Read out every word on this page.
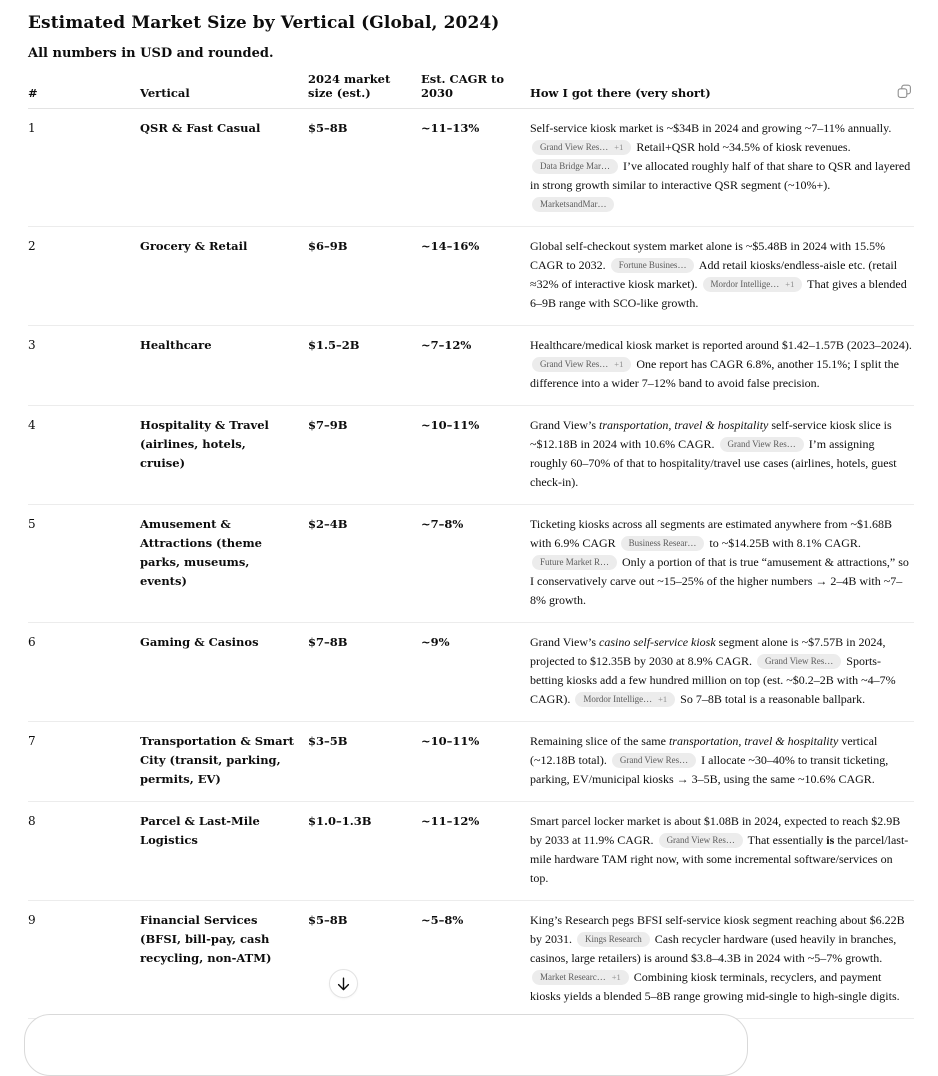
Estimated Market Size by Vertical (Global, 2024)

All numbers in USD and rounded.

#	Vertical	2024 market size (est.)	Est. CAGR to 2030	How I got there (very short)
1	QSR & Fast Casual	$5–8B	~11–13%	Self-service kiosk market is ~$34B in 2024 and growing ~7–11% annually. Grand View Res… +1 Retail+QSR hold ~34.5% of kiosk revenues. Data Bridge Mar… I’ve allocated roughly half of that share to QSR and layered in strong growth similar to interactive QSR segment (~10%+). MarketsandMar…
2	Grocery & Retail	$6–9B	~14–16%	Global self-checkout system market alone is ~$5.48B in 2024 with 15.5% CAGR to 2032. Fortune Busines… Add retail kiosks/endless-aisle etc. (retail ≈32% of interactive kiosk market). Mordor Intellige… +1 That gives a blended 6–9B range with SCO-like growth.
3	Healthcare	$1.5–2B	~7–12%	Healthcare/medical kiosk market is reported around $1.42–1.57B (2023–2024). Grand View Res… +1 One report has CAGR 6.8%, another 15.1%; I split the difference into a wider 7–12% band to avoid false precision.
4	Hospitality & Travel (airlines, hotels, cruise)	$7–9B	~10–11%	Grand View’s transportation, travel & hospitality self-service kiosk slice is ~$12.18B in 2024 with 10.6% CAGR. Grand View Res… I’m assigning roughly 60–70% of that to hospitality/travel use cases (airlines, hotels, guest check-in).
5	Amusement & Attractions (theme parks, museums, events)	$2–4B	~7–8%	Ticketing kiosks across all segments are estimated anywhere from ~$1.68B with 6.9% CAGR Business Resear… to ~$14.25B with 8.1% CAGR. Future Market R… Only a portion of that is true “amusement & attractions,” so I conservatively carve out ~15–25% of the higher numbers → 2–4B with ~7–8% growth.
6	Gaming & Casinos	$7–8B	~9%	Grand View’s casino self-service kiosk segment alone is ~$7.57B in 2024, projected to $12.35B by 2030 at 8.9% CAGR. Grand View Res… Sports-betting kiosks add a few hundred million on top (est. ~$0.2–2B with ~4–7% CAGR). Mordor Intellige… +1 So 7–8B total is a reasonable ballpark.
7	Transportation & Smart City (transit, parking, permits, EV)	$3–5B	~10–11%	Remaining slice of the same transportation, travel & hospitality vertical (~12.18B total). Grand View Res… I allocate ~30–40% to transit ticketing, parking, EV/municipal kiosks → 3–5B, using the same ~10.6% CAGR.
8	Parcel & Last-Mile Logistics	$1.0–1.3B	~11–12%	Smart parcel locker market is about $1.08B in 2024, expected to reach $2.9B by 2033 at 11.9% CAGR. Grand View Res… That essentially is the parcel/last-mile hardware TAM right now, with some incremental software/services on top.
9	Financial Services (BFSI, bill-pay, cash recycling, non-ATM)	$5–8B	~5–8%	King’s Research pegs BFSI self-service kiosk segment reaching about $6.22B by 2031. Kings Research Cash recycler hardware (used heavily in branches, casinos, large retailers) is around $3.8–4.3B in 2024 with ~5–7% growth. Market Researc… +1 Combining kiosk terminals, recyclers, and payment kiosks yields a blended 5–8B range growing mid-single to high-single digits.
